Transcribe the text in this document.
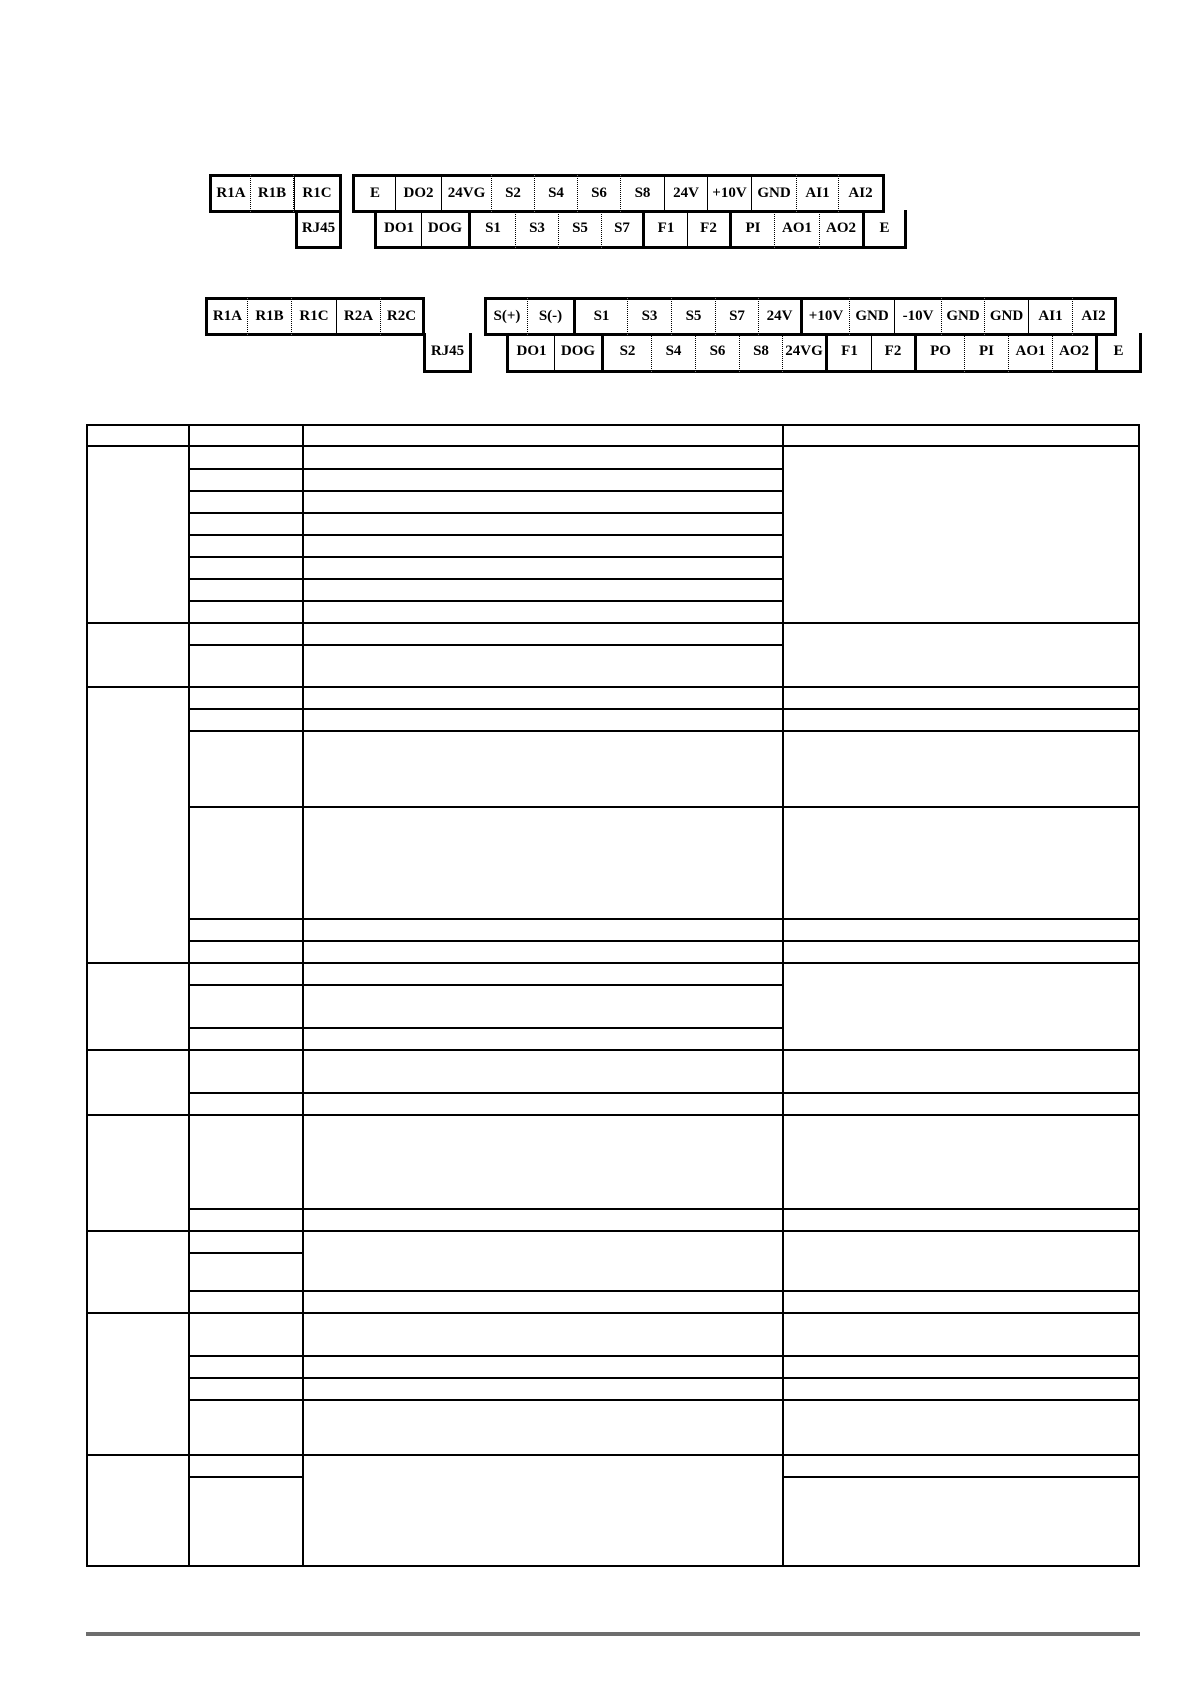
R1A R1B	R1C
RJ45
E	DO2 24VG	S2	S4	S6	S8	24V +10V GND AI1	AI2
DO1 DOG	S1	S3	S5	S7	F1	F2	PI	AO1 AO2	E
R1A R1B	R1C	R2A R2C
RJ45
S(+)	S(-)	S1	S3	S5	S7	24V	+10V GND -10V GND GND	AI1	AI2
DO1 DOG	S2	S4	S6	S8	24VG	F1	F2	PO	PI	AO1 AO2	E
